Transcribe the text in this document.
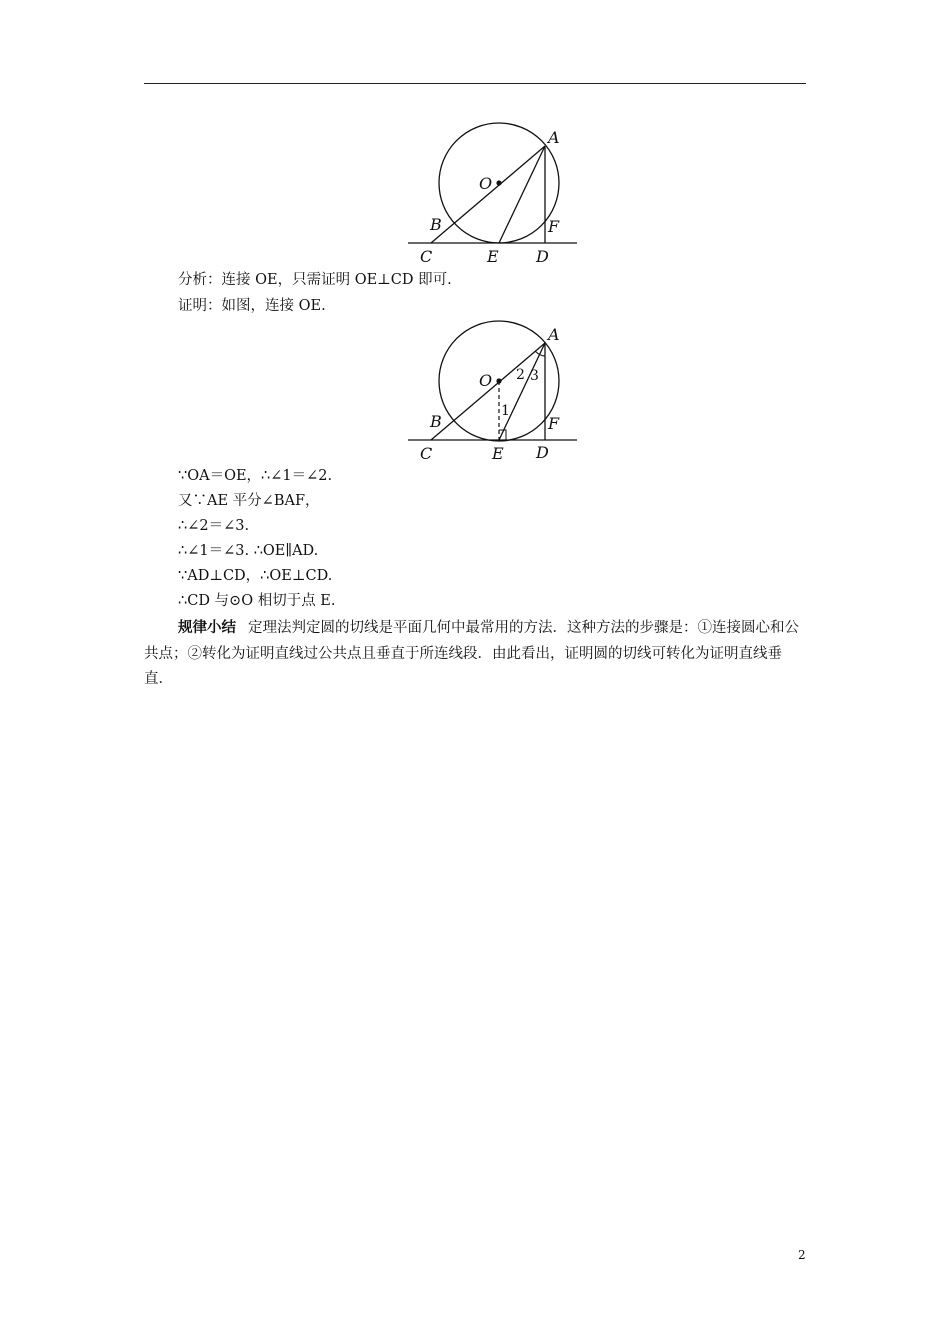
A
O
B	F
C	E D
分析：连接 OE，只需证明 OE⊥CD 即可.
证明：如图，连接 OE.
A
O
B	F
C	E D
1
2 3
∵OA＝OE，∴∠1＝∠2.
又∵AE 平分∠BAF，
∴∠2＝∠3.
∴∠1＝∠3. ∴OE∥AD.
∵AD⊥CD，∴OE⊥CD.
∴CD 与⊙O 相切于点 E.
规律小结 定理法判定圆的切线是平面几何中最常用的方法．这种方法的步骤是：①连接圆心和公共点；②转化为证明直线过公共点且垂直于所连线段．由此看出，证明圆的切线可转化为证明直线垂直．
2
